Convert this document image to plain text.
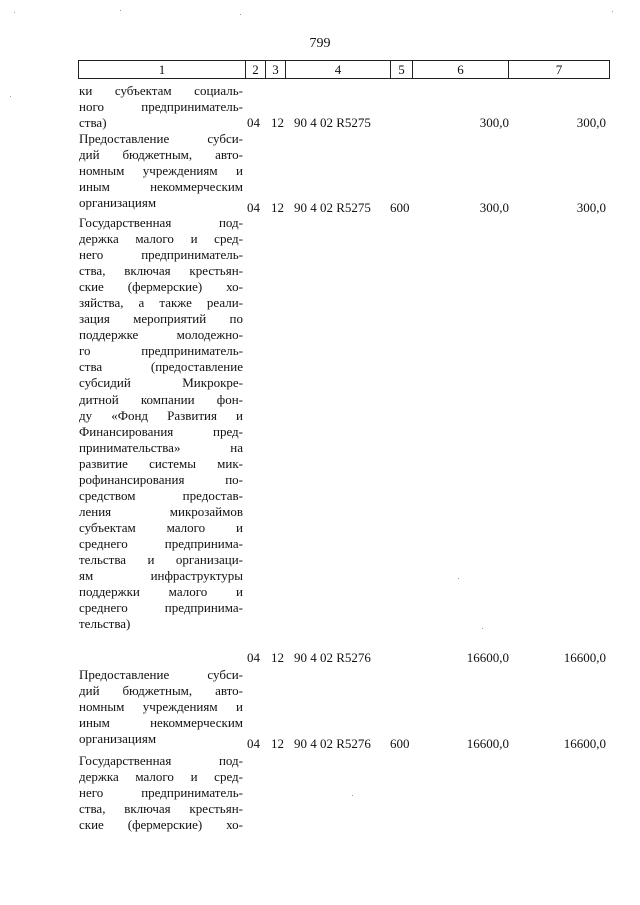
799
1	2	3	4	5	6	7
ки субъектам социаль-
ного предприниматель-
ства)	04 12 90 4 02 R5275	300,0	300,0
Предоставление субси-
дий бюджетным, авто-
номным учреждениям и
иным некоммерческим
организациям	04 12 90 4 02 R5275 600	300,0	300,0
Государственная под-
держка малого и сред-
него предприниматель-
ства, включая крестьян-
ские (фермерские) хо-
зяйства, а также реали-
зация мероприятий по
поддержке молодежно-
го предприниматель-
ства (предоставление
субсидий Микрокре-
дитной компании фон-
ду «Фонд Развития и
Финансирования пред-
принимательства» на
развитие системы мик-
рофинансирования по-
средством предостав-
ления микрозаймов
субъектам малого и
среднего предпринима-
тельства и организаци-
ям инфраструктуры
поддержки малого и
среднего предпринима-
тельства)
04 12 90 4 02 R5276	16600,0	16600,0
Предоставление субси-
дий бюджетным, авто-
номным учреждениям и
иным некоммерческим
организациям	04 12 90 4 02 R5276 600	16600,0	16600,0
Государственная под-
держка малого и сред-
него предприниматель-
ства, включая крестьян-
ские (фермерские) хо-
